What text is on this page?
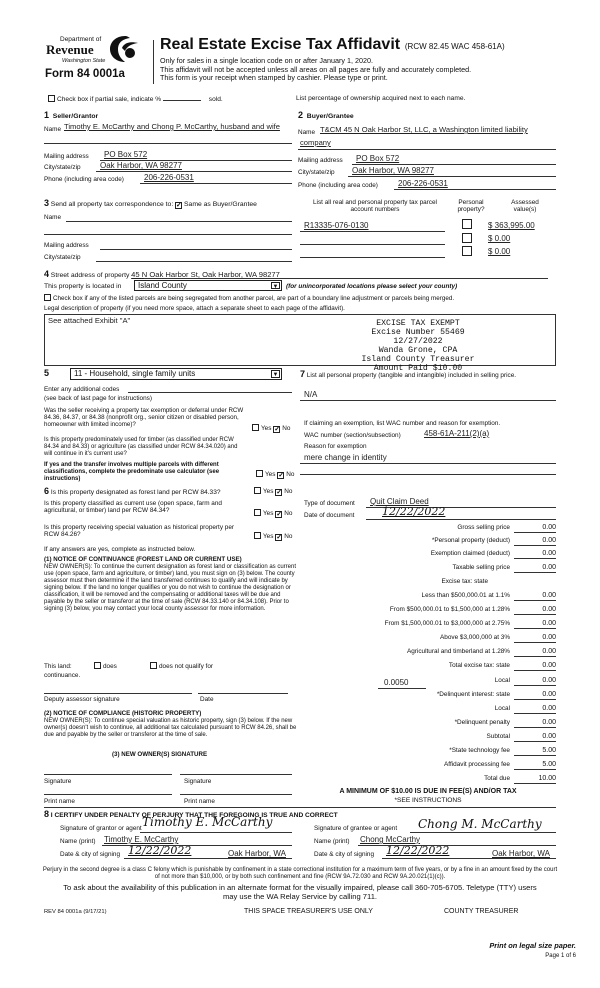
Department of
Revenue
Washington State
Form 84 0001a
Real Estate Excise Tax Affidavit (RCW 82.45 WAC 458-61A)
Only for sales in a single location code on or after January 1, 2020.
This affidavit will not be accepted unless all areas on all pages are fully and accurately completed.
This form is your receipt when stamped by cashier. Please type or print.
Check box if partial sale, indicate %	sold.	List percentage of ownership acquired next to each name.
1 Seller/Grantor
Name Timothy E. McCarthy and Chong P. McCarthy, husband and wife
Mailing address PO Box 572
City/state/zip Oak Harbor, WA 98277
Phone (including area code)	206-226-0531
2 Buyer/Grantee
Name T&CM 45 N Oak Harbor St, LLC, a Washington limited liability
company
Mailing address PO Box 572
City/state/zip Oak Harbor, WA 98277
Phone (including area code)	206-226-0531
3 Send all property tax correspondence to: ✓ Same as Buyer/Grantee
Name
Mailing address
City/state/zip
List all real and personal property tax parcel account numbers
Personal property?
Assessed value(s)
R13335-076-0130	$ 363,995.00
$ 0.00
$ 0.00
4 Street address of property 45 N Oak Harbor St, Oak Harbor, WA 98277
This property is located in	Island County	▼ (for unincorporated locations please select your county)
Check box if any of the listed parcels are being segregated from another parcel, are part of a boundary line adjustment or parcels being merged.
Legal description of property (if you need more space, attach a separate sheet to each page of the affidavit).
See attached Exhibit "A"	EXCISE TAX EXEMPT
Excise Number 55469
12/27/2022
Wanda Grone, CPA
Island County Treasurer
Amount Paid $10.00
5	11 - Household, single family units	▼
Enter any additional codes
(see back of last page for instructions)
Was the seller receiving a property tax exemption or deferral under RCW 84.36, 84.37, or 84.38 (nonprofit org., senior citizen or disabled person, homeowner with limited income)?
Yes ✓ No
Is this property predominately used for timber (as classified under RCW 84.34 and 84.33) or agriculture (as classified under RCW 84.34.020) and will continue in it's current use?
If yes and the transfer involves multiple parcels with different classifications, complete the predominate use calculator (see instructions)
Yes ✓ No
7 List all personal property (tangible and intangible) included in selling price.
N/A
If claiming an exemption, list WAC number and reason for exemption.
WAC number (section/subsection)	458-61A-211(2)(a)
Reason for exemption
mere change in identity
6 Is this property designated as forest land per RCW 84.33?	Yes ✓ No
Is this property classified as current use (open space, farm and agricultural, or timber) land per RCW 84.34?	Yes ✓ No
Is this property receiving special valuation as historical property per RCW 84.26?	Yes ✓ No
If any answers are yes, complete as instructed below.
(1) NOTICE OF CONTINUANCE (FOREST LAND OR CURRENT USE)
NEW OWNER(S): To continue the current designation as forest land or classification as current use (open space, farm and agriculture, or timber) land, you must sign on (3) below. The county assessor must then determine if the land transferred continues to qualify and will indicate by signing below. If the land no longer qualifies or you do not wish to continue the designation or classification, it will be removed and the compensating or additional taxes will be due and payable by the seller or transferor at the time of sale (RCW 84.33.140 or 84.34.108). Prior to signing (3) below, you may contact your local county assessor for more information.
This land:	does	does not qualify for
continuance.
Deputy assessor signature	Date
(2) NOTICE OF COMPLIANCE (HISTORIC PROPERTY)
NEW OWNER(S): To continue special valuation as historic property, sign (3) below. If the new owner(s) doesn't wish to continue, all additional tax calculated pursuant to RCW 84.26, shall be due and payable by the seller or transferor at the time of sale.
(3) NEW OWNER(S) SIGNATURE
Signature	Signature
Print name	Print name
Type of document Quit Claim Deed
Date of document	12/22/2022
Gross selling price	0.00
*Personal property (deduct)	0.00
Exemption claimed (deduct)	0.00
Taxable selling price	0.00
Excise tax: state
Less than $500,000.01 at 1.1%	0.00
From $500,000.01 to $1,500,000 at 1.28%	0.00
From $1,500,000.01 to $3,000,000 at 2.75%	0.00
Above $3,000,000 at 3%	0.00
Agricultural and timberland at 1.28%	0.00
Total excise tax: state	0.00
Local	0.00
*Delinquent interest: state	0.00
Local	0.00
*Delinquent penalty	0.00
Subtotal	0.00
*State technology fee	5.00
Affidavit processing fee	5.00
Total due	10.00
0.0050
A MINIMUM OF $10.00 IS DUE IN FEE(S) AND/OR TAX
*SEE INSTRUCTIONS
8 I CERTIFY UNDER PENALTY OF PERJURY THAT THE FOREGOING IS TRUE AND CORRECT
Signature of grantor or agent Timothy E. McCarthy
Name (print) Timothy E. McCarthy
Date & city of signing 12/22/2022	Oak Harbor, WA
Signature of grantee or agent Chong M. McCarthy
Name (print) Chong McCarthy
Date & city of signing 12/22/2022	Oak Harbor, WA
Perjury in the second degree is a class C felony which is punishable by confinement in a state correctional institution for a maximum term of five years, or by a fine in an amount fixed by the court of not more than $10,000, or by both such confinement and fine (RCW 9A.72.030 and RCW 9A.20.021(1)(c)).
To ask about the availability of this publication in an alternate format for the visually impaired, please call 360-705-6705. Teletype (TTY) users may use the WA Relay Service by calling 711.
REV 84 0001a (9/17/21)	THIS SPACE TREASURER'S USE ONLY	COUNTY TREASURER
Print on legal size paper.
Page 1 of 6
